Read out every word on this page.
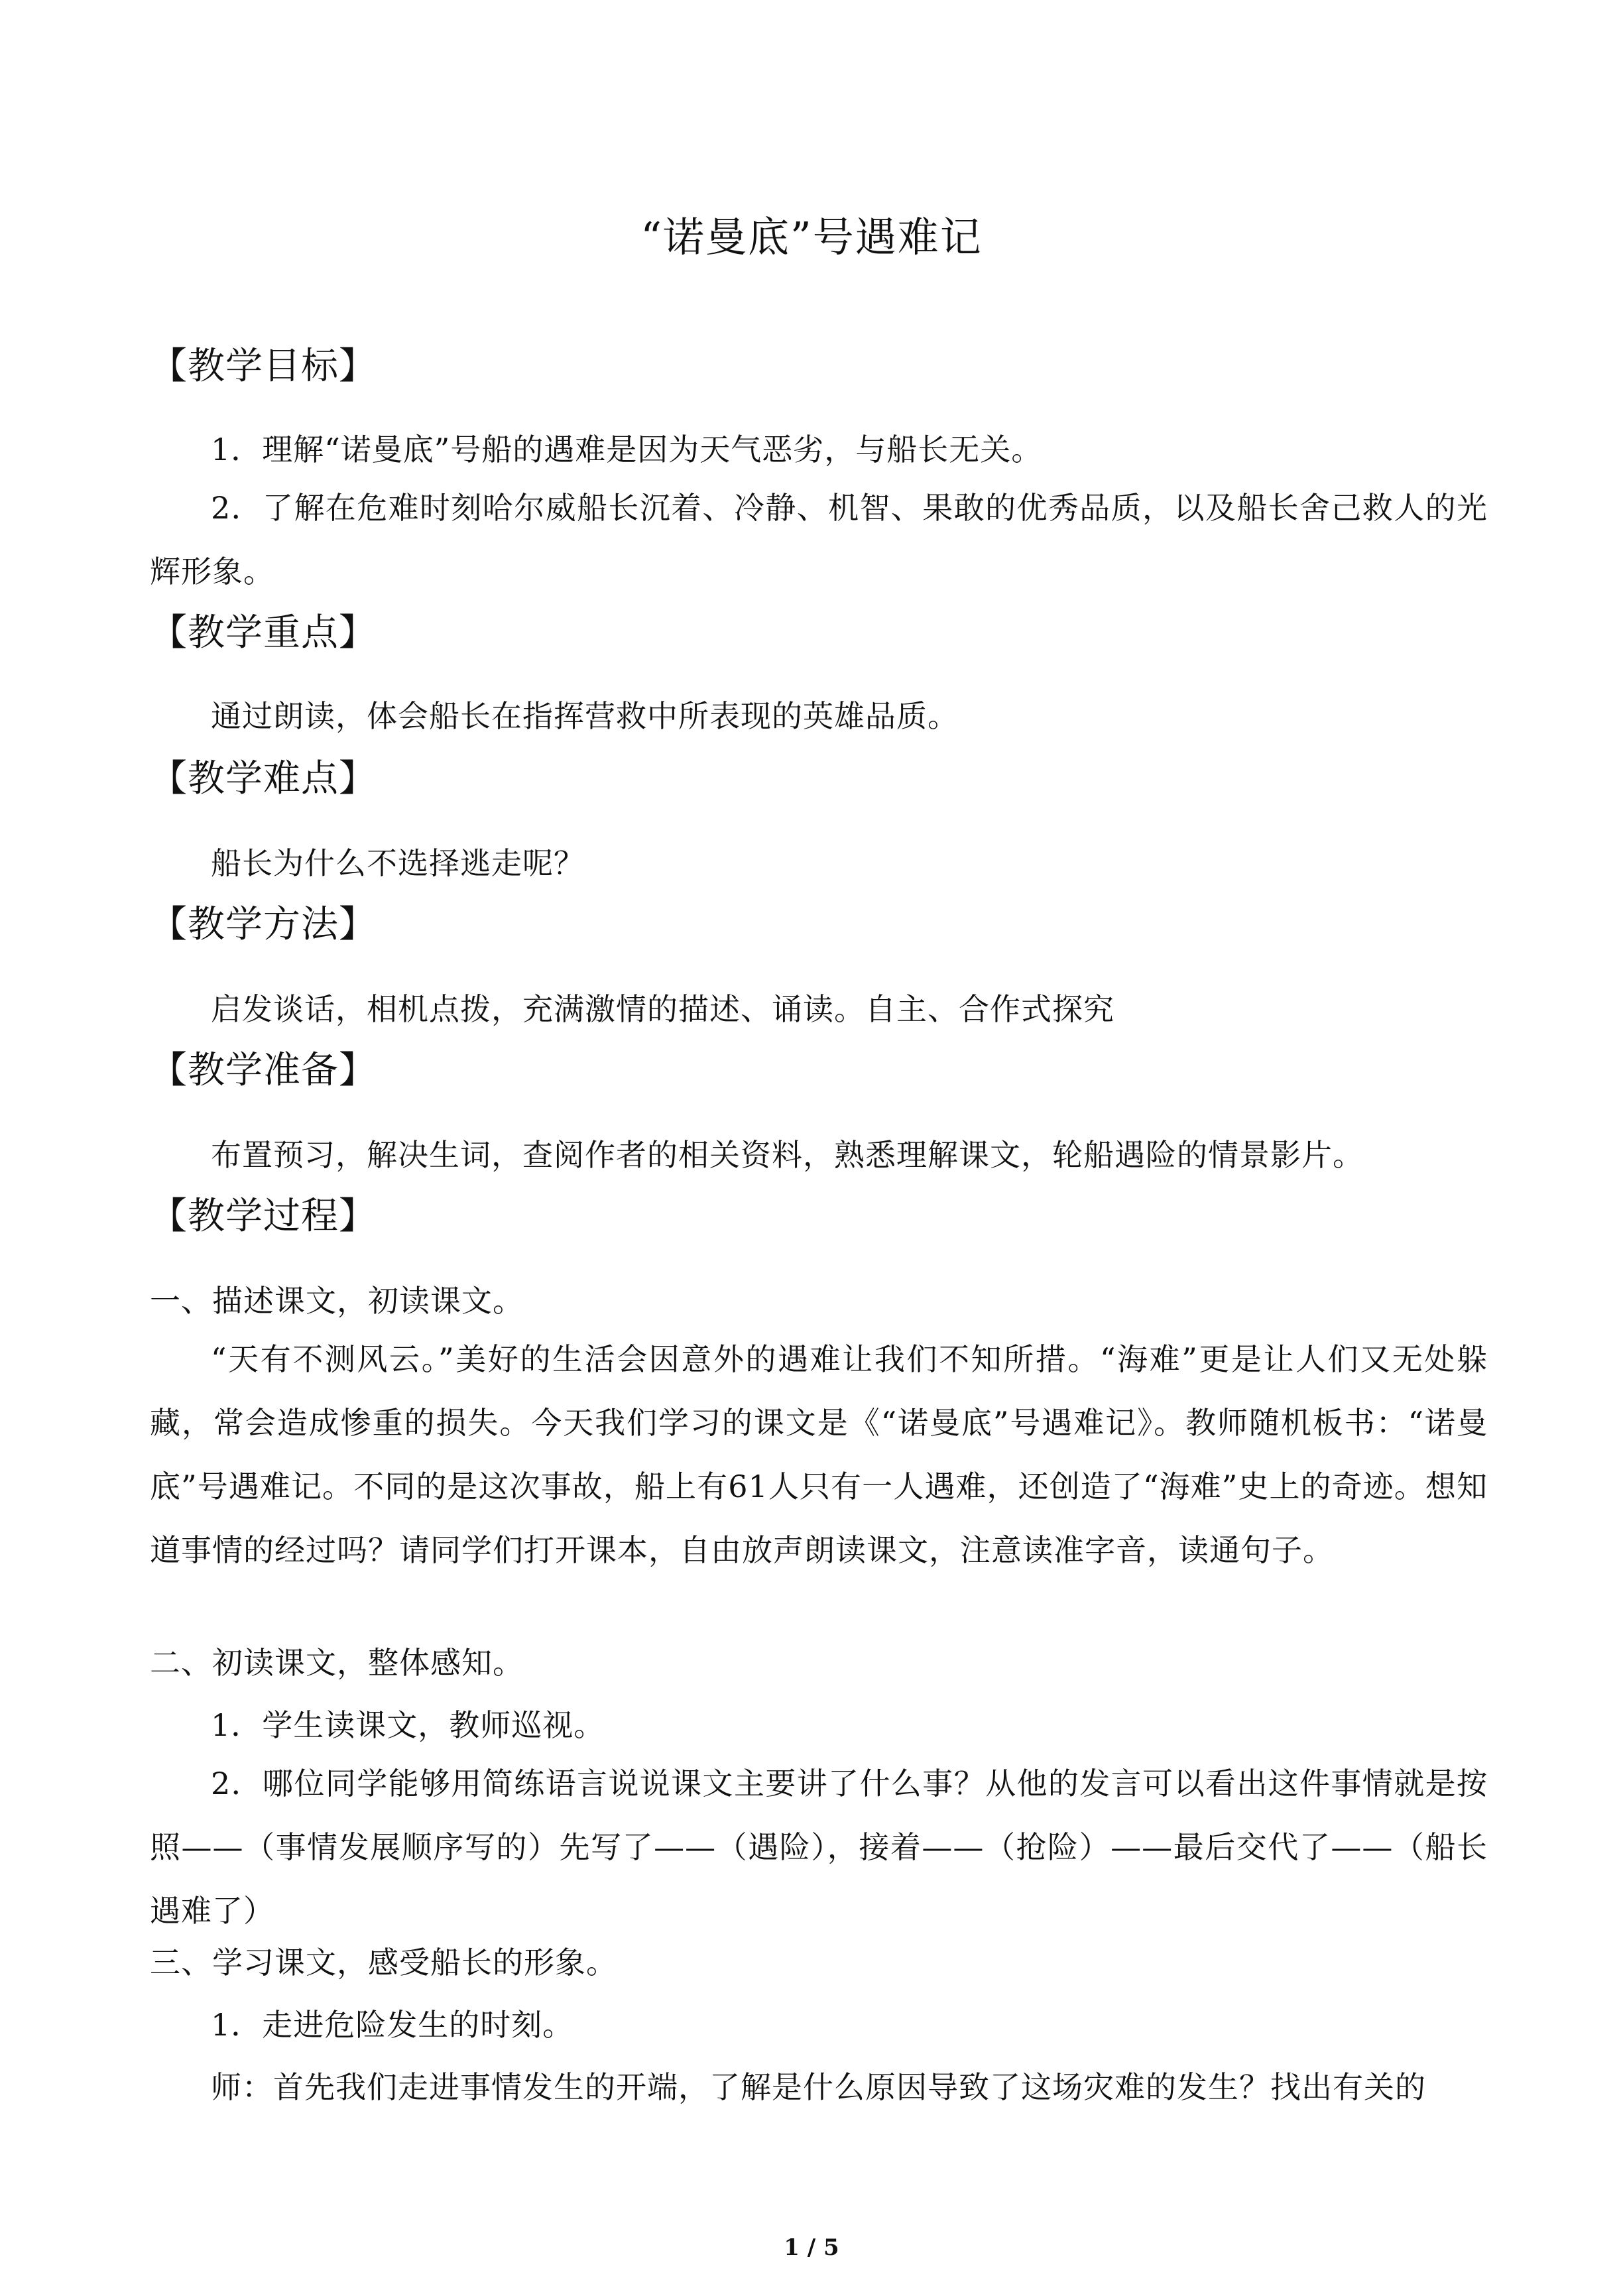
“诺曼底”号遇难记
【教学目标】
1．理解“诺曼底”号船的遇难是因为天气恶劣，与船长无关。
2．了解在危难时刻哈尔威船长沉着、冷静、机智、果敢的优秀品质，以及船长舍己救人的光辉形象。
【教学重点】
通过朗读，体会船长在指挥营救中所表现的英雄品质。
【教学难点】
船长为什么不选择逃走呢？
【教学方法】
启发谈话，相机点拨，充满激情的描述、诵读。自主、合作式探究
【教学准备】
布置预习，解决生词，查阅作者的相关资料，熟悉理解课文，轮船遇险的情景影片。
【教学过程】
一、描述课文，初读课文。
“天有不测风云。”美好的生活会因意外的遇难让我们不知所措。“海难”更是让人们又无处躲藏，常会造成惨重的损失。今天我们学习的课文是《“诺曼底”号遇难记》。教师随机板书：“诺曼底”号遇难记。不同的是这次事故，船上有61人只有一人遇难，还创造了“海难”史上的奇迹。想知道事情的经过吗？请同学们打开课本，自由放声朗读课文，注意读准字音，读通句子。
二、初读课文，整体感知。
1．学生读课文，教师巡视。
2．哪位同学能够用简练语言说说课文主要讲了什么事？从他的发言可以看出这件事情就是按照——（事情发展顺序写的）先写了——（遇险），接着——（抢险）——最后交代了——（船长遇难了）
三、学习课文，感受船长的形象。
1．走进危险发生的时刻。
师：首先我们走进事情发生的开端，了解是什么原因导致了这场灾难的发生？找出有关的
1 / 5
